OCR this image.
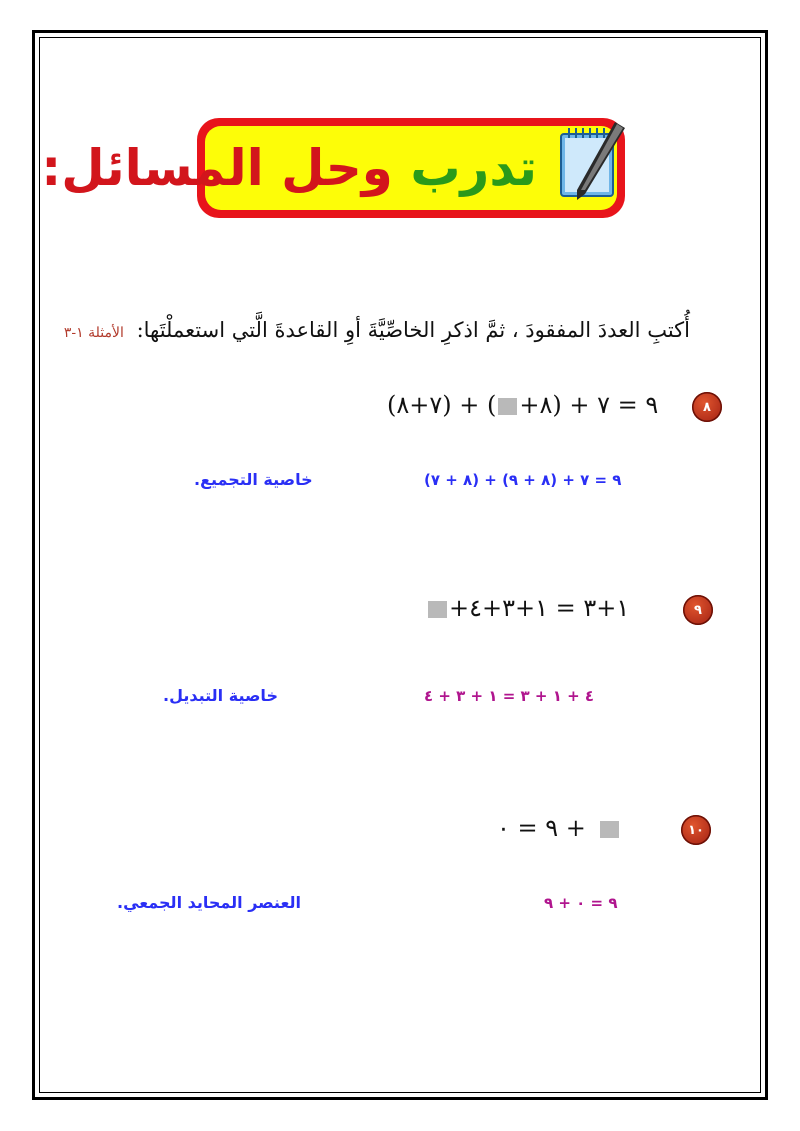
تدرب وحل المسائل:
أُكتبِ العددَ المفقودَ ، ثمَّ اذكرِ الخاصِّيَّةَ أوِ القاعدةَ الَّتي استعملْتَها: الأمثلة ١-٣
٨
(٧+٨) + ٩ = ٧ + (٨+)
(٨ + ٧) + ٩ = ٧ + (٨ + ٩)
خاصية التجميع.
٩
+١+٣ = ١+٣+٤
٤ + ١ + ٣ = ١ + ٣ + ٤
خاصية التبديل.
١٠
٩ = ٠ +
٩ = ٠ + ٩
العنصر المحايد الجمعي.
